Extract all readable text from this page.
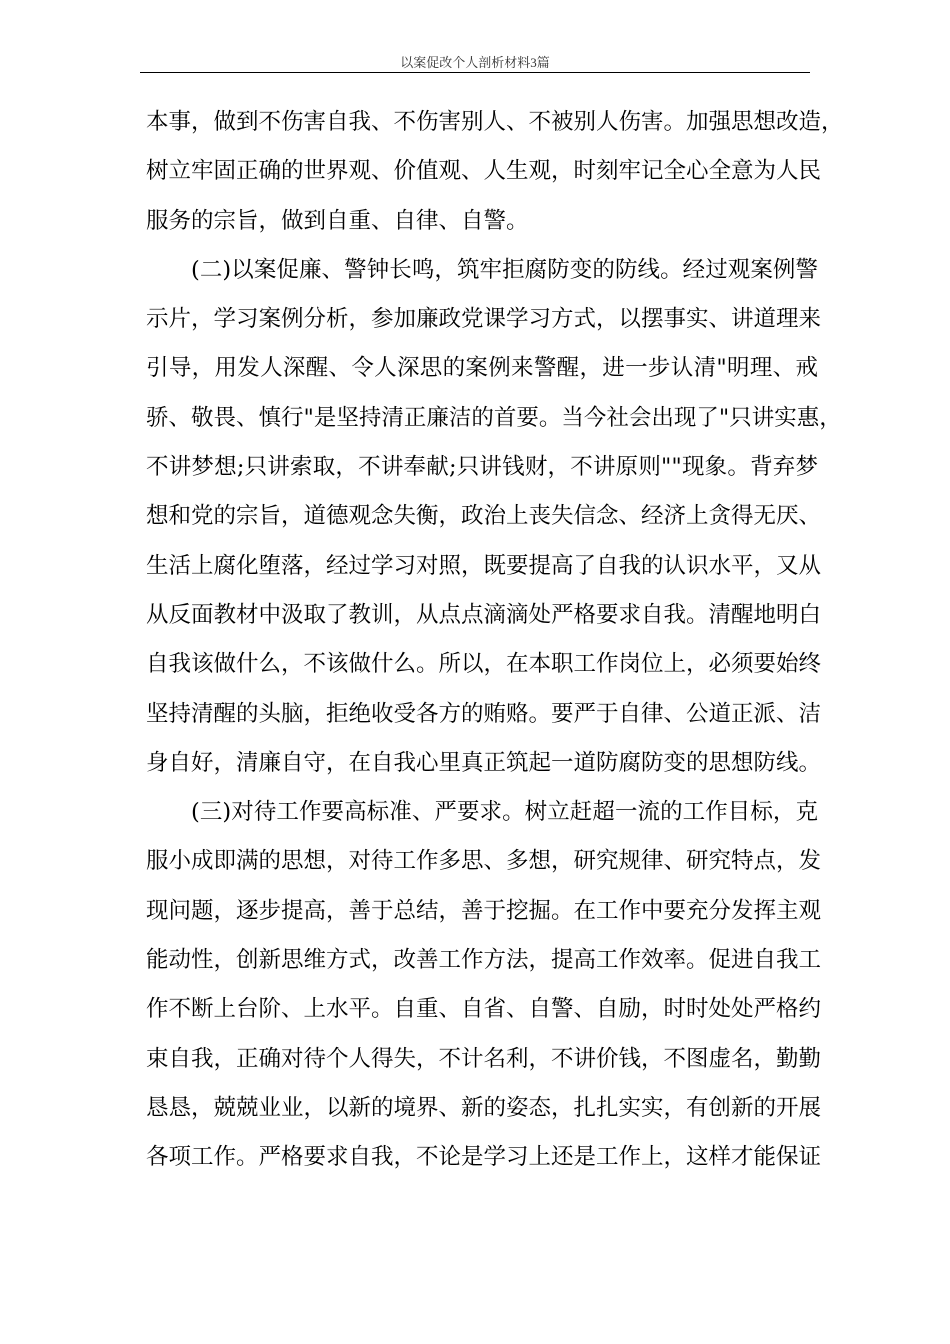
以案促改个人剖析材料3篇
本事，做到不伤害自我、不伤害别人、不被别人伤害。加强思想改造，
树立牢固正确的世界观、价值观、人生观，时刻牢记全心全意为人民
服务的宗旨，做到自重、自律、自警。
(二)以案促廉、警钟长鸣，筑牢拒腐防变的防线。经过观案例警
示片，学习案例分析，参加廉政党课学习方式，以摆事实、讲道理来
引导，用发人深醒、令人深思的案例来警醒，进一步认清"明理、戒
骄、敬畏、慎行"是坚持清正廉洁的首要。当今社会出现了"只讲实惠，
不讲梦想;只讲索取，不讲奉献;只讲钱财，不讲原则""现象。背弃梦
想和党的宗旨，道德观念失衡，政治上丧失信念、经济上贪得无厌、
生活上腐化堕落，经过学习对照，既要提高了自我的认识水平，又从
从反面教材中汲取了教训，从点点滴滴处严格要求自我。清醒地明白
自我该做什么，不该做什么。所以，在本职工作岗位上，必须要始终
坚持清醒的头脑，拒绝收受各方的贿赂。要严于自律、公道正派、洁
身自好，清廉自守，在自我心里真正筑起一道防腐防变的思想防线。
(三)对待工作要高标准、严要求。树立赶超一流的工作目标，克
服小成即满的思想，对待工作多思、多想，研究规律、研究特点，发
现问题，逐步提高，善于总结，善于挖掘。在工作中要充分发挥主观
能动性，创新思维方式，改善工作方法，提高工作效率。促进自我工
作不断上台阶、上水平。自重、自省、自警、自励，时时处处严格约
束自我，正确对待个人得失，不计名利，不讲价钱，不图虚名，勤勤
恳恳，兢兢业业，以新的境界、新的姿态，扎扎实实，有创新的开展
各项工作。严格要求自我，不论是学习上还是工作上，这样才能保证
